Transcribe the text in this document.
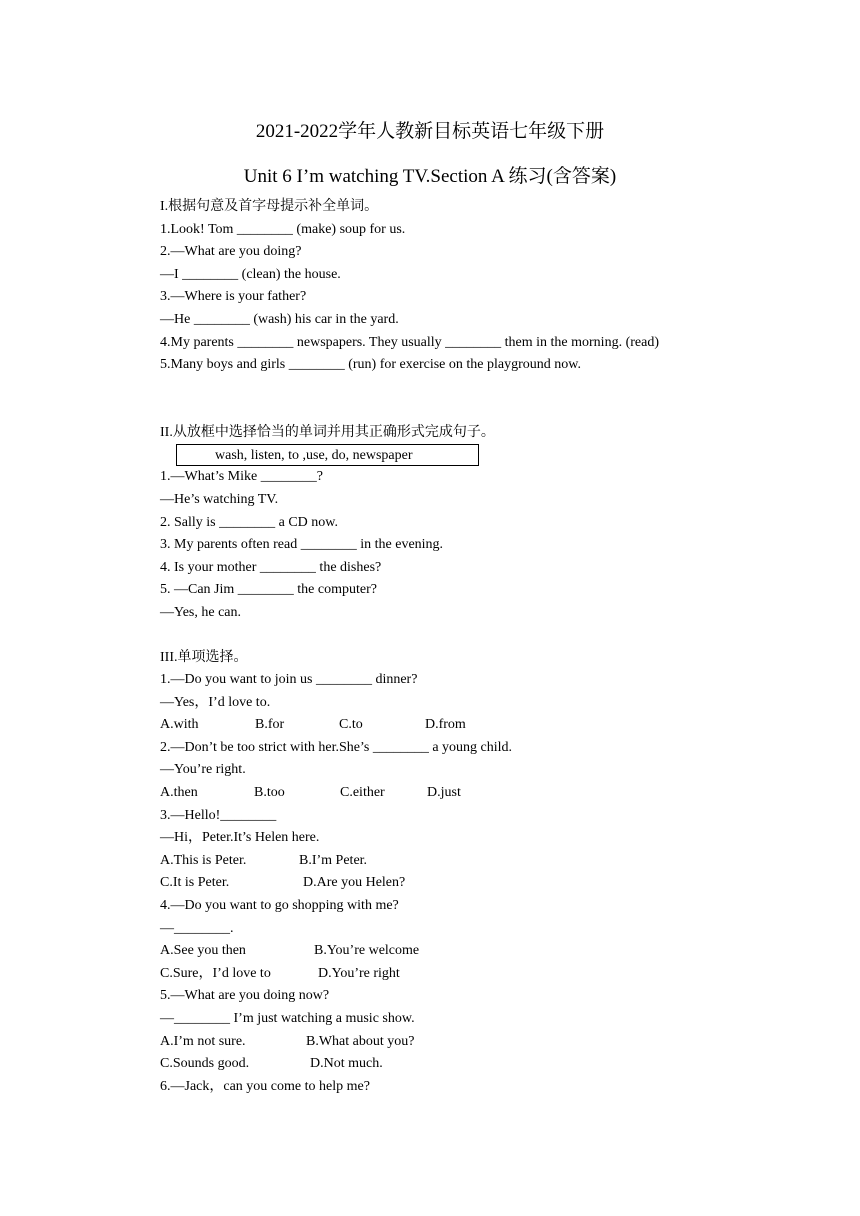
2021-2022学年人教新目标英语七年级下册
Unit 6 I’m watching TV.Section A 练习(含答案)
I.根据句意及首字母提示补全单词。
1.Look! Tom ________ (make) soup for us.
2.—What are you doing?
—I ________ (clean) the house.
3.—Where is your father?
—He ________ (wash) his car in the yard.
4.My parents ________ newspapers. They usually ________ them in the morning. (read)
5.Many boys and girls ________ (run) for exercise on the playground now.
II.从放框中选择恰当的单词并用其正确形式完成句子。
wash, listen, to ,use, do, newspaper
1.—What’s Mike ________?
—He’s watching TV.
2. Sally is ________ a CD now.
3. My parents often read ________ in the evening.
4. Is your mother ________ the dishes?
5. —Can Jim ________ the computer?
—Yes, he can.
III.单项选择。
1.—Do you want to join us ________ dinner?
—Yes，I’d love to.
A.with	B.for	C.to	D.from
2.—Don’t be too strict with her.She’s ________ a young child.
—You’re right.
A.then	B.too	C.either	D.just
3.—Hello!________
—Hi，Peter.It’s Helen here.
A.This is Peter.	B.I’m Peter.
C.It is Peter.	D.Are you Helen?
4.—Do you want to go shopping with me?
—________.
A.See you then	B.You’re welcome
C.Sure，I’d love to	D.You’re right
5.—What are you doing now?
—________ I’m just watching a music show.
A.I’m not sure.	B.What about you?
C.Sounds good.	D.Not much.
6.—Jack，can you come to help me?
